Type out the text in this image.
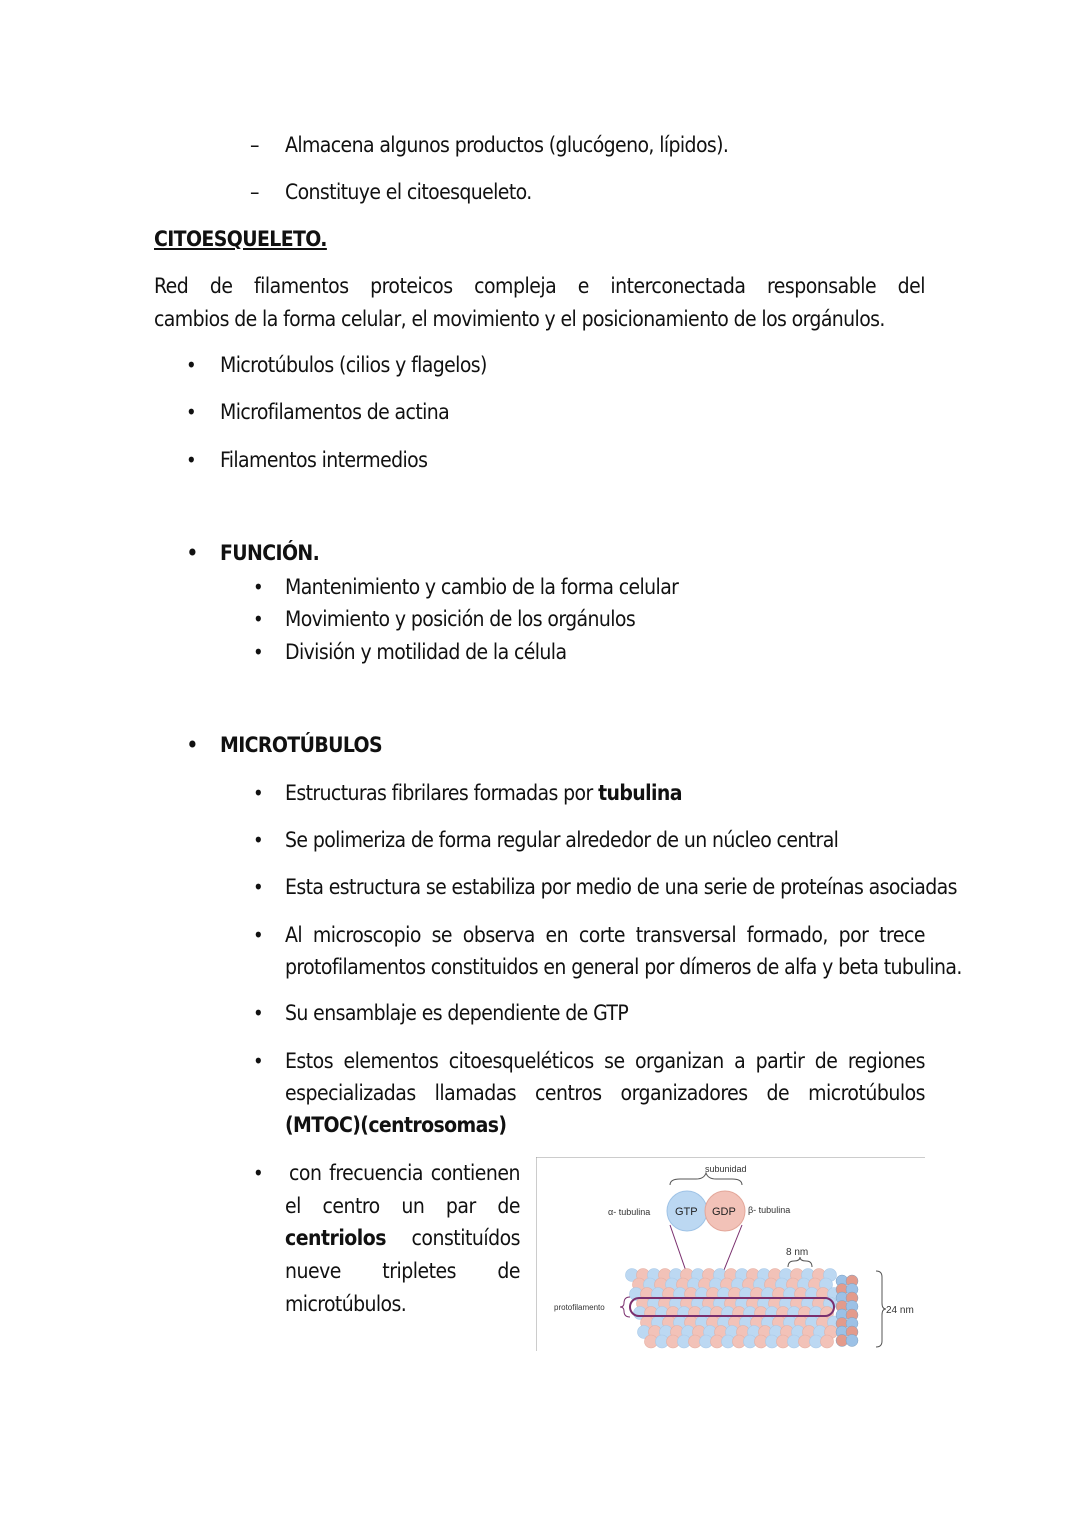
– Almacena algunos productos (glucógeno, lípidos).
– Constituye el citoesqueleto.
CITOESQUELETO.
Red de filamentos proteicos compleja e interconectada responsable del
cambios de la forma celular, el movimiento y el posicionamiento de los orgánulos.
• Microtúbulos (cilios y flagelos)
• Microfilamentos de actina
• Filamentos intermedios
• FUNCIÓN.
• Mantenimiento y cambio de la forma celular
• Movimiento y posición de los orgánulos
• División y motilidad de la célula
• MICROTÚBULOS
• Estructuras fibrilares formadas por tubulina
• Se polimeriza de forma regular alrededor de un núcleo central
• Esta estructura se estabiliza por medio de una serie de proteínas asociadas
• Al microscopio se observa en corte transversal formado, por trece
protofilamentos constituidos en general por dímeros de alfa y beta tubulina.
• Su ensamblaje es dependiente de GTP
• Estos elementos citoesqueléticos se organizan a partir de regiones
especializadas llamadas centros organizadores de microtúbulos
(MTOC)(centrosomas)
• con frecuencia contienen
el centro un par de
centriolos constituídos
nueve tripletes de
microtúbulos.
subunidad
α- tubulina GTP GDP β- tubulina
8 nm
protofilamento	24 nm
